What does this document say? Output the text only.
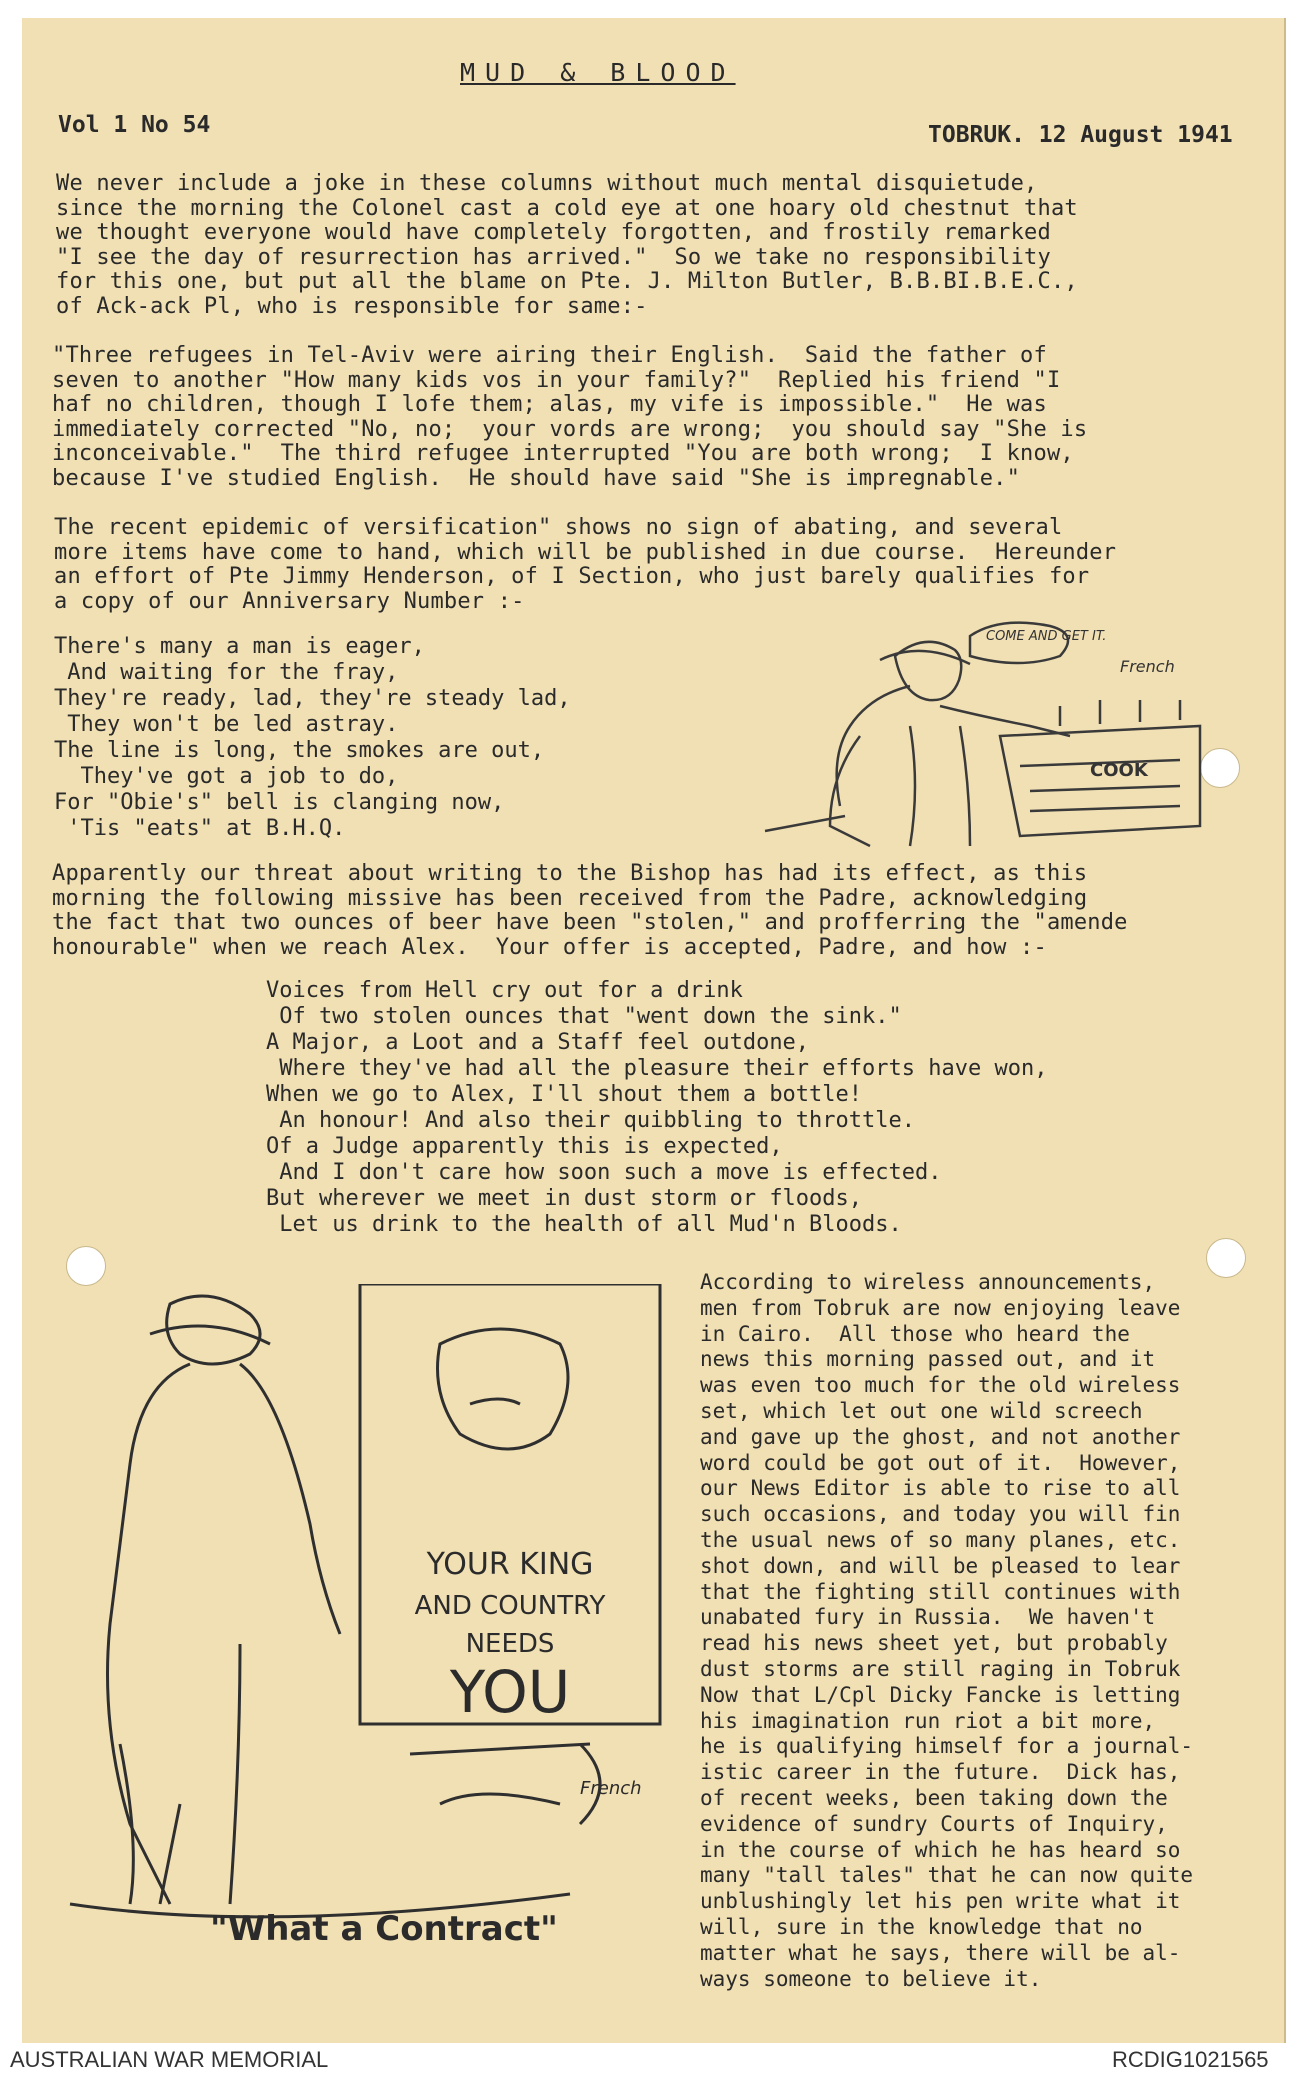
MUD & BLOOD
Vol 1 No 54	TOBRUK. 12 August 1941
We never include a joke in these columns without much mental disquietude,
since the morning the Colonel cast a cold eye at one hoary old chestnut that
we thought everyone would have completely forgotten, and frostily remarked
"I see the day of resurrection has arrived."  So we take no responsibility
for this one, but put all the blame on Pte. J. Milton Butler, B.B.BI.B.E.C.,
of Ack-ack Pl, who is responsible for same:-
"Three refugees in Tel-Aviv were airing their English.  Said the father of
seven to another "How many kids vos in your family?"  Replied his friend "I
haf no children, though I lofe them; alas, my vife is impossible."  He was
immediately corrected "No, no;  your vords are wrong;  you should say "She is
inconceivable."  The third refugee interrupted "You are both wrong;  I know,
because I've studied English.  He should have said "She is impregnable."
The recent epidemic of versification" shows no sign of abating, and several
more items have come to hand, which will be published in due course.  Hereunder
an effort of Pte Jimmy Henderson, of I Section, who just barely qualifies for
a copy of our Anniversary Number :-
There's many a man is eager,
And waiting for the fray,
They're ready, lad, they're steady lad,
They won't be led astray.
The line is long, the smokes are out,
They've got a job to do,
For "Obie's" bell is clanging now,
'Tis "eats" at B.H.Q.
COME AND GET IT.
COOK
French
Apparently our threat about writing to the Bishop has had its effect, as this
morning the following missive has been received from the Padre, acknowledging
the fact that two ounces of beer have been "stolen," and profferring the "amende
honourable" when we reach Alex.  Your offer is accepted, Padre, and how :-
Voices from Hell cry out for a drink
Of two stolen ounces that "went down the sink."
A Major, a Loot and a Staff feel outdone,
Where they've had all the pleasure their efforts have won,
When we go to Alex, I'll shout them a bottle!
An honour! And also their quibbling to throttle.
Of a Judge apparently this is expected,
And I don't care how soon such a move is effected.
But wherever we meet in dust storm or floods,
Let us drink to the health of all Mud'n Bloods.
YOUR KING
AND COUNTRY
NEEDS
YOU
French
"What a Contract"
According to wireless announcements,
men from Tobruk are now enjoying leave
in Cairo.  All those who heard the
news this morning passed out, and it
was even too much for the old wireless
set, which let out one wild screech
and gave up the ghost, and not another
word could be got out of it.  However,
our News Editor is able to rise to all
such occasions, and today you will fin
the usual news of so many planes, etc.
shot down, and will be pleased to lear
that the fighting still continues with
unabated fury in Russia.  We haven't
read his news sheet yet, but probably
dust storms are still raging in Tobruk
Now that L/Cpl Dicky Fancke is letting
his imagination run riot a bit more,
he is qualifying himself for a journal-
istic career in the future.  Dick has,
of recent weeks, been taking down the
evidence of sundry Courts of Inquiry,
in the course of which he has heard so
many "tall tales" that he can now quite
unblushingly let his pen write what it
will, sure in the knowledge that no
matter what he says, there will be al-
ways someone to believe it.
AUSTRALIAN WAR MEMORIAL	RCDIG1021565
